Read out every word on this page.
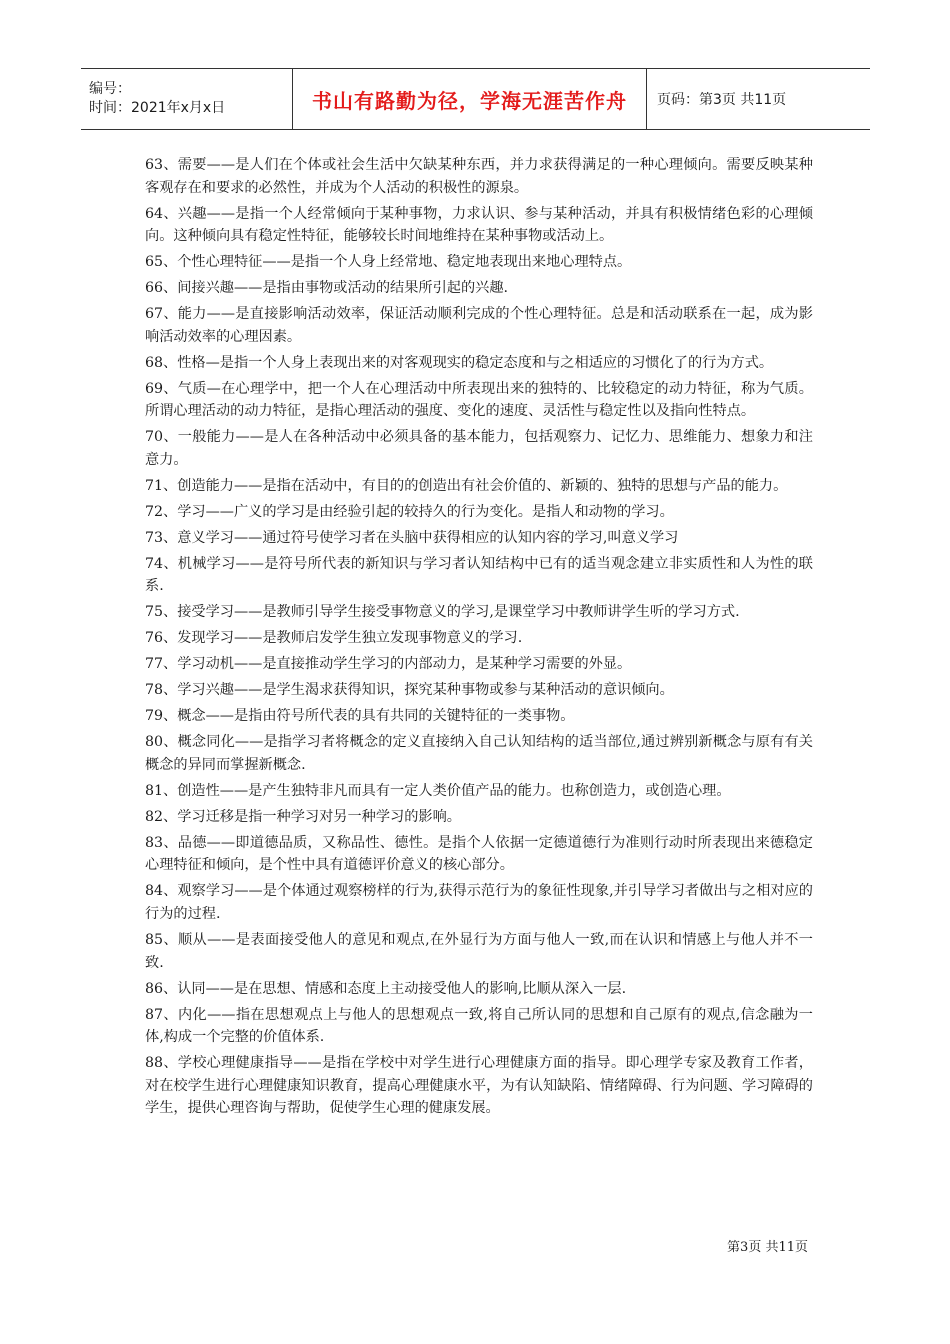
编号：
时间：2021年x月x日	书山有路勤为径，学海无涯苦作舟	页码：第3页 共11页

63、需要——是人们在个体或社会生活中欠缺某种东西，并力求获得满足的一种心理倾向。需要反映某种客观存在和要求的必然性，并成为个人活动的积极性的源泉。

64、兴趣——是指一个人经常倾向于某种事物，力求认识、参与某种活动，并具有积极情绪色彩的心理倾向。这种倾向具有稳定性特征，能够较长时间地维持在某种事物或活动上。

65、个性心理特征——是指一个人身上经常地、稳定地表现出来地心理特点。

66、间接兴趣——是指由事物或活动的结果所引起的兴趣.

67、能力——是直接影响活动效率，保证活动顺利完成的个性心理特征。总是和活动联系在一起，成为影响活动效率的心理因素。

68、性格—是指一个人身上表现出来的对客观现实的稳定态度和与之相适应的习惯化了的行为方式。

69、气质—在心理学中，把一个人在心理活动中所表现出来的独特的、比较稳定的动力特征，称为气质。所谓心理活动的动力特征，是指心理活动的强度、变化的速度、灵活性与稳定性以及指向性特点。

70、一般能力——是人在各种活动中必须具备的基本能力，包括观察力、记忆力、思维能力、想象力和注意力。

71、创造能力——是指在活动中，有目的的创造出有社会价值的、新颖的、独特的思想与产品的能力。

72、学习——广义的学习是由经验引起的较持久的行为变化。是指人和动物的学习。

73、意义学习——通过符号使学习者在头脑中获得相应的认知内容的学习,叫意义学习

74、机械学习——是符号所代表的新知识与学习者认知结构中已有的适当观念建立非实质性和人为性的联系.

75、接受学习——是教师引导学生接受事物意义的学习,是课堂学习中教师讲学生听的学习方式.

76、发现学习——是教师启发学生独立发现事物意义的学习.

77、学习动机——是直接推动学生学习的内部动力，是某种学习需要的外显。

78、学习兴趣——是学生渴求获得知识，探究某种事物或参与某种活动的意识倾向。

79、概念——是指由符号所代表的具有共同的关键特征的一类事物。

80、概念同化——是指学习者将概念的定义直接纳入自己认知结构的适当部位,通过辨别新概念与原有有关概念的异同而掌握新概念.

81、创造性——是产生独特非凡而具有一定人类价值产品的能力。也称创造力，或创造心理。

82、学习迁移是指一种学习对另一种学习的影响。

83、品德——即道德品质，又称品性、德性。是指个人依据一定德道德行为准则行动时所表现出来德稳定心理特征和倾向，是个性中具有道德评价意义的核心部分。

84、观察学习——是个体通过观察榜样的行为,获得示范行为的象征性现象,并引导学习者做出与之相对应的行为的过程.

85、顺从——是表面接受他人的意见和观点,在外显行为方面与他人一致,而在认识和情感上与他人并不一致.

86、认同——是在思想、情感和态度上主动接受他人的影响,比顺从深入一层.

87、内化——指在思想观点上与他人的思想观点一致,将自己所认同的思想和自己原有的观点,信念融为一体,构成一个完整的价值体系.

88、学校心理健康指导——是指在学校中对学生进行心理健康方面的指导。即心理学专家及教育工作者，对在校学生进行心理健康知识教育，提高心理健康水平，为有认知缺陷、情绪障碍、行为问题、学习障碍的学生，提供心理咨询与帮助，促使学生心理的健康发展。

第3页 共11页
